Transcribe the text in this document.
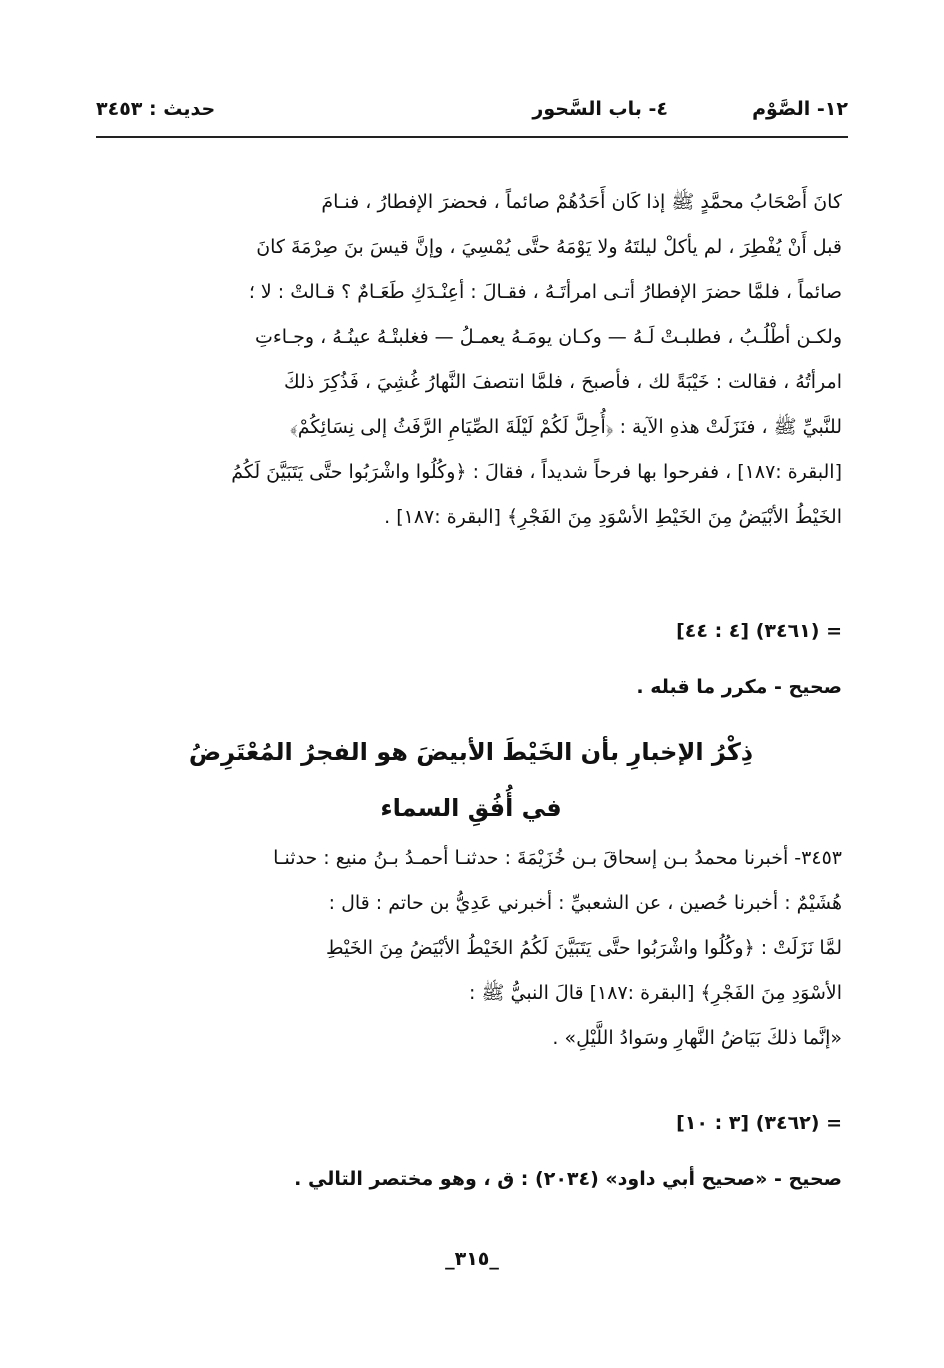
١٢- الصَّوْم
٤- باب السَّحور
حديث : ٣٤٥٣
كانَ أَصْحَابُ محمَّدٍ ﷺ إذا كَان أَحَدُهُمْ صائماً ، فحضرَ الإفطارُ ، فنـامَ
قبل أَنْ يُفْطِرَ ، لم يأكلْ ليلتَهُ ولا يَوْمَهُ حتَّى يُمْسِيَ ، وإنَّ قيسَ بنَ صِرْمَةَ كانَ
صائماً ، فلمَّا حضرَ الإفطارُ أتـى امرأتَـهُ ، فقـالَ : أعِنْـدَكِ طَعَـامٌ ؟ قـالتْ : لا ؛
ولكـن أطْلُـبُ ، فطلبـتْ لَـهُ — وكـان يومَـهُ يعمـلُ — فغلبتْـهُ عينُـهُ ، وجـاءتِ
امرأتُهُ ، فقالت : خَيْبَةً لك ، فأصبحَ ، فلمَّا انتصفَ النَّهارُ غُشِيَ ، فَذُكِرَ ذلكَ
للنَّبيِّ ﷺ ، فنَزَلَتْ هذهِ الآية : ﴿أُحِلَّ لَكُمْ لَيْلَةَ الصِّيَامِ الرَّفَثُ إلى نِسَائِكُمْ﴾
[البقرة :١٨٧] ، ففرحوا بها فرحاً شديداً ، فقالَ : ﴿وكُلُوا واشْرَبُوا حتَّى يَتَبَيَّنَ لَكُمُ
الخَيْطُ الأبْيَضُ مِنَ الخَيْطِ الأسْوَدِ مِنَ الفَجْرِ﴾ [البقرة :١٨٧] .
= (٣٤٦١) [٤ : ٤٤]
صحيح - مكرر ما قبله .
ذِكْرُ الإخبارِ بأن الخَيْطَ الأبيضَ هو الفجرُ المُعْتَرِضُ
في أُفُقِ السماء
٣٤٥٣- أخبرنا محمدُ بـن إسحاقَ بـن خُزَيْمَةَ : حدثنـا أحمـدُ بـنُ منيع : حدثنـا
هُشَيْمٌ : أخبرنا حُصين ، عن الشعبيِّ : أخبرني عَدِيُّ بن حاتم : قال :
لمَّا نَزَلَتْ : ﴿وكُلُوا واشْرَبُوا حتَّى يَتَبَيَّنَ لَكُمُ الخَيْطُ الأبْيَضُ مِنَ الخَيْطِ
الأسْوَدِ مِنَ الفَجْرِ﴾ [البقرة :١٨٧] قالَ النبيُّ ﷺ :
«إنَّما ذلكَ بَيَاضُ النَّهارِ وسَوادُ اللَّيْلِ» .
= (٣٤٦٢) [٣ : ١٠]
صحيح - «صحيح أبي داود» (٢٠٣٤) : ق ، وهو مختصر التالي .
_٣١٥_
